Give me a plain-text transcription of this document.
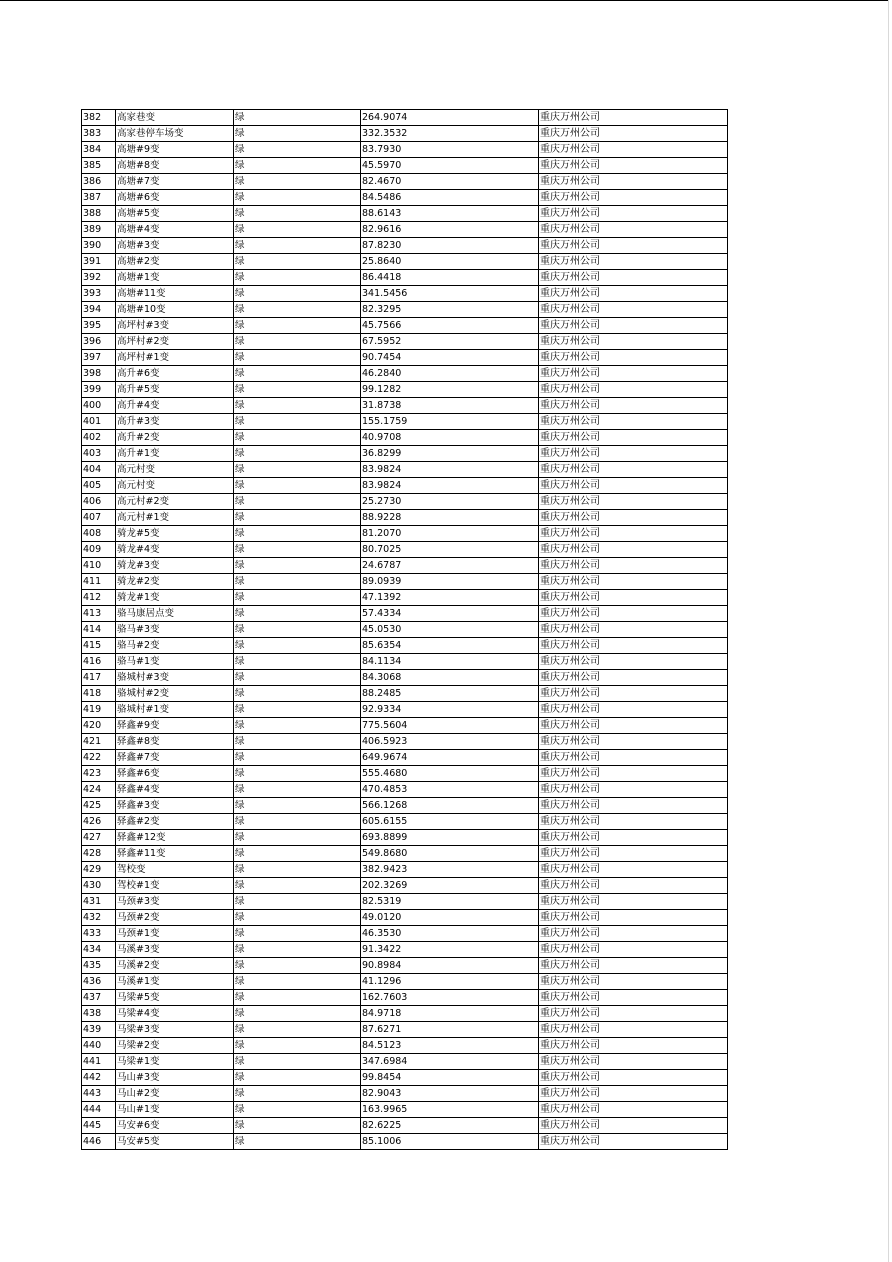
382	高家巷变	绿	264.9074	重庆万州公司
383	高家巷停车场变	绿	332.3532	重庆万州公司
384	高塘#9变	绿	83.7930	重庆万州公司
385	高塘#8变	绿	45.5970	重庆万州公司
386	高塘#7变	绿	82.4670	重庆万州公司
387	高塘#6变	绿	84.5486	重庆万州公司
388	高塘#5变	绿	88.6143	重庆万州公司
389	高塘#4变	绿	82.9616	重庆万州公司
390	高塘#3变	绿	87.8230	重庆万州公司
391	高塘#2变	绿	25.8640	重庆万州公司
392	高塘#1变	绿	86.4418	重庆万州公司
393	高塘#11变	绿	341.5456	重庆万州公司
394	高塘#10变	绿	82.3295	重庆万州公司
395	高坪村#3变	绿	45.7566	重庆万州公司
396	高坪村#2变	绿	67.5952	重庆万州公司
397	高坪村#1变	绿	90.7454	重庆万州公司
398	高升#6变	绿	46.2840	重庆万州公司
399	高升#5变	绿	99.1282	重庆万州公司
400	高升#4变	绿	31.8738	重庆万州公司
401	高升#3变	绿	155.1759	重庆万州公司
402	高升#2变	绿	40.9708	重庆万州公司
403	高升#1变	绿	36.8299	重庆万州公司
404	高元村变	绿	83.9824	重庆万州公司
405	高元村变	绿	83.9824	重庆万州公司
406	高元村#2变	绿	25.2730	重庆万州公司
407	高元村#1变	绿	88.9228	重庆万州公司
408	骑龙#5变	绿	81.2070	重庆万州公司
409	骑龙#4变	绿	80.7025	重庆万州公司
410	骑龙#3变	绿	24.6787	重庆万州公司
411	骑龙#2变	绿	89.0939	重庆万州公司
412	骑龙#1变	绿	47.1392	重庆万州公司
413	骆马康居点变	绿	57.4334	重庆万州公司
414	骆马#3变	绿	45.0530	重庆万州公司
415	骆马#2变	绿	85.6354	重庆万州公司
416	骆马#1变	绿	84.1134	重庆万州公司
417	骆城村#3变	绿	84.3068	重庆万州公司
418	骆城村#2变	绿	88.2485	重庆万州公司
419	骆城村#1变	绿	92.9334	重庆万州公司
420	驿鑫#9变	绿	775.5604	重庆万州公司
421	驿鑫#8变	绿	406.5923	重庆万州公司
422	驿鑫#7变	绿	649.9674	重庆万州公司
423	驿鑫#6变	绿	555.4680	重庆万州公司
424	驿鑫#4变	绿	470.4853	重庆万州公司
425	驿鑫#3变	绿	566.1268	重庆万州公司
426	驿鑫#2变	绿	605.6155	重庆万州公司
427	驿鑫#12变	绿	693.8899	重庆万州公司
428	驿鑫#11变	绿	549.8680	重庆万州公司
429	驾校变	绿	382.9423	重庆万州公司
430	驾校#1变	绿	202.3269	重庆万州公司
431	马颈#3变	绿	82.5319	重庆万州公司
432	马颈#2变	绿	49.0120	重庆万州公司
433	马颈#1变	绿	46.3530	重庆万州公司
434	马溪#3变	绿	91.3422	重庆万州公司
435	马溪#2变	绿	90.8984	重庆万州公司
436	马溪#1变	绿	41.1296	重庆万州公司
437	马梁#5变	绿	162.7603	重庆万州公司
438	马梁#4变	绿	84.9718	重庆万州公司
439	马梁#3变	绿	87.6271	重庆万州公司
440	马梁#2变	绿	84.5123	重庆万州公司
441	马梁#1变	绿	347.6984	重庆万州公司
442	马山#3变	绿	99.8454	重庆万州公司
443	马山#2变	绿	82.9043	重庆万州公司
444	马山#1变	绿	163.9965	重庆万州公司
445	马安#6变	绿	82.6225	重庆万州公司
446	马安#5变	绿	85.1006	重庆万州公司
